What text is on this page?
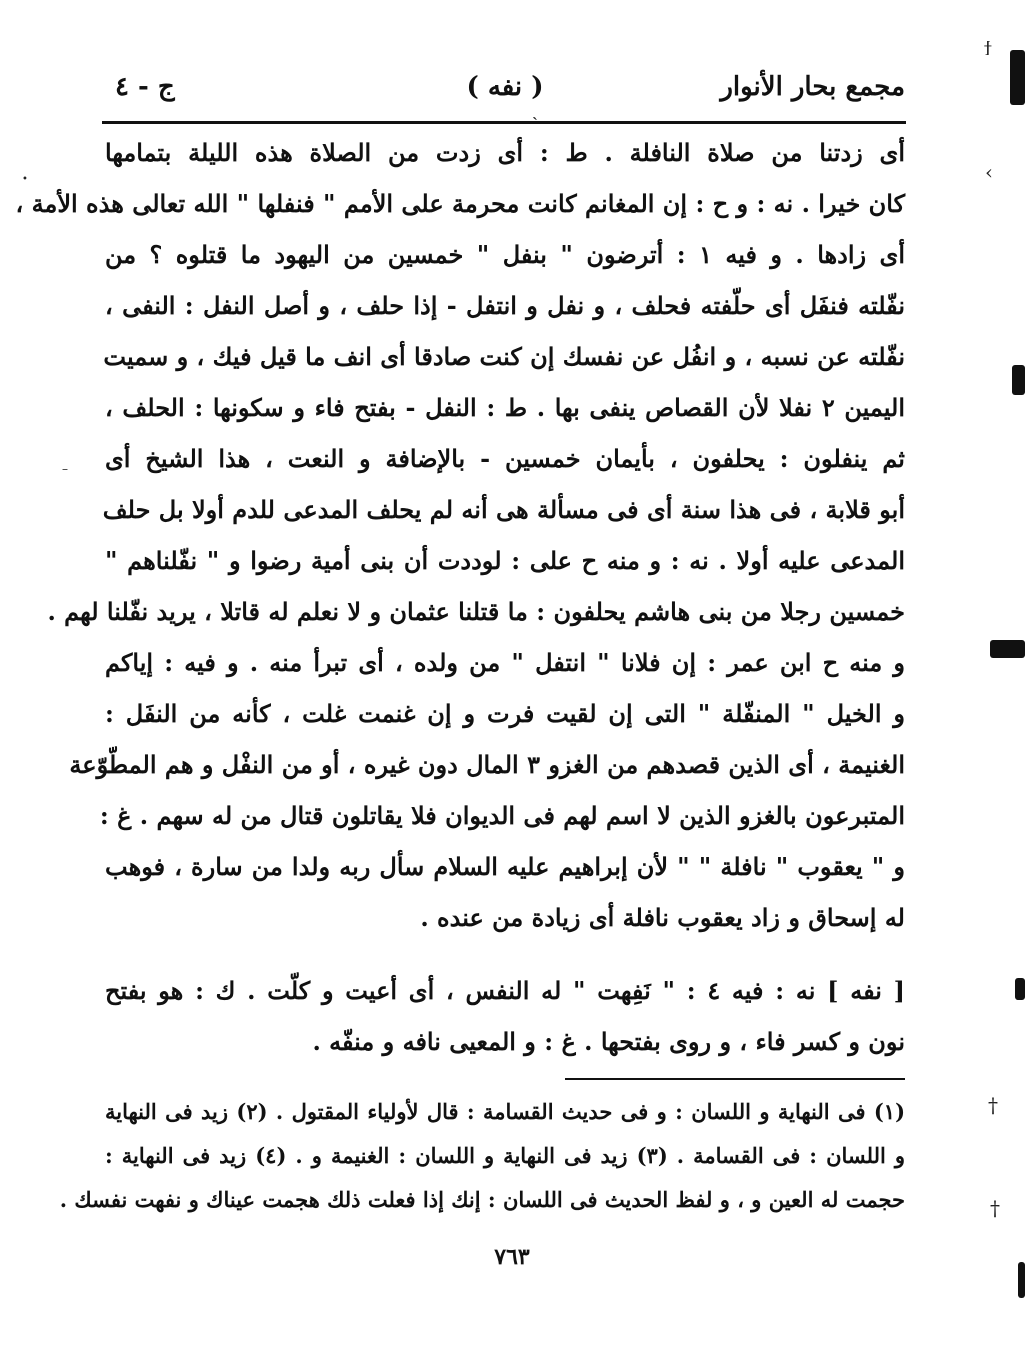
مجمع بحار الأنوار
( نفه )
ج - ٤
ˎ
أى زدتنا من صلاة النافلة . ط : أى زدت من الصلاة هذه الليلة بتمامها
كان خيرا . نه : و ح : إن المغانم كانت محرمة على الأمم " فنفلها " الله تعالى هذه الأمة ،
أى زادها . و فيه ١ : أترضون " بنفل " خمسين من اليهود ما قتلوه ؟ من
نفّلته فنفَل أى حلّفته فحلف ، و نفل و انتفل - إذا حلف ، و أصل النفل : النفى ،
نفّلته عن نسبه ، و انفُل عن نفسك إن كنت صادقا أى انف ما قيل فيك ، و سميت
اليمين ٢ نفلا لأن القصاص ينفى بها . ط : النفل - بفتح فاء و سكونها : الحلف ،
ثم ينفلون : يحلفون ، بأيمان خمسين - بالإضافة و النعت ، هذا الشيخ أى
أبو قلابة ، فى هذا سنة أى فى مسألة هى أنه لم يحلف المدعى للدم أولا بل حلف
المدعى عليه أولا . نه : و منه ح على : لوددت أن بنى أمية رضوا و " نفّلناهم "
خمسين رجلا من بنى هاشم يحلفون : ما قتلنا عثمان و لا نعلم له قاتلا ، يريد نفّلنا لهم .
و منه ح ابن عمر : إن فلانا " انتفل " من ولده ، أى تبرأ منه . و فيه : إياكم
و الخيل " المنفّلة " التى إن لقيت فرت و إن غنمت غلت ، كأنه من النفَل :
الغنيمة ، أى الذين قصدهم من الغزو ٣ المال دون غيره ، أو من النفْل و هم المطّوّعة
المتبرعون بالغزو الذين لا اسم لهم فى الديوان فلا يقاتلون قتال من له سهم . غ :
و " يعقوب " نافلة " " لأن إبراهيم عليه السلام سأل ربه ولدا من سارة ، فوهب
له إسحاق و زاد يعقوب نافلة أى زيادة من عنده .
[ نفه ] نه : فيه ٤ : " نَفِهت " له النفس ، أى أعيت و كلّت . ك : هو بفتح
نون و كسر فاء ، و روى بفتحها . غ : و المعيى نافه و منفّه .
(١) فى النهاية و اللسان : و فى حديث القسامة : قال لأولياء المقتول . (٢) زيد فى النهاية
و اللسان : فى القسامة . (٣) زيد فى النهاية و اللسان : الغنيمة و . (٤) زيد فى النهاية :
حجمت له العين و ، و لفظ الحديث فى اللسان : إنك إذا فعلت ذلك هجمت عيناك و نفهت نفسك .
٧٦٣
ϯ
‹
†
†
•
–
